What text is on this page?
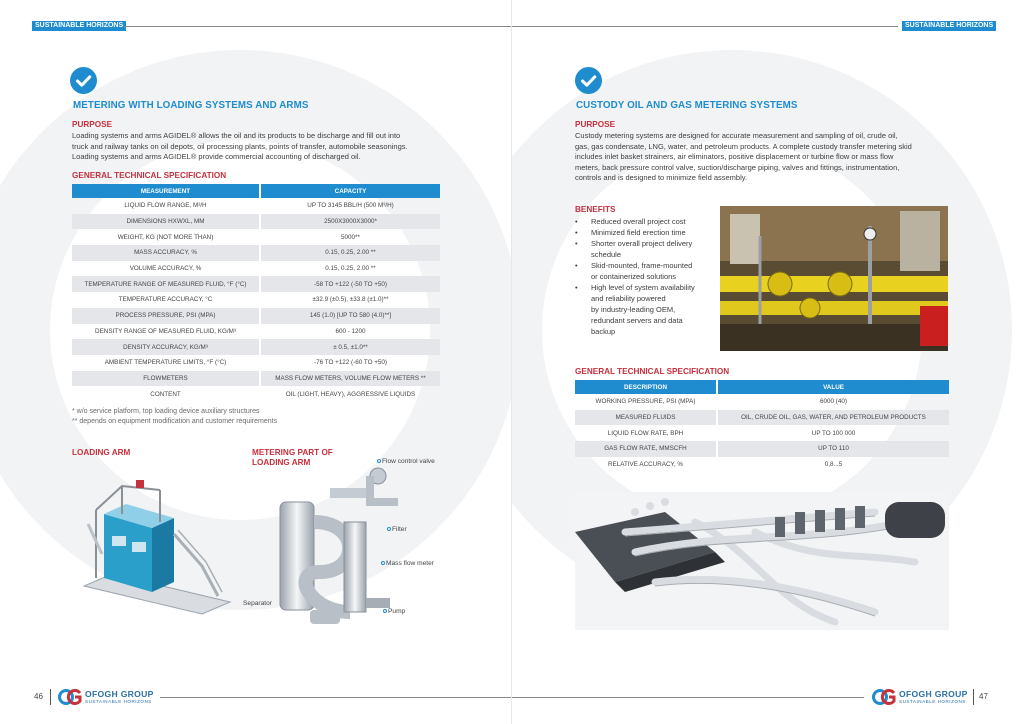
SUSTAINABLE HORIZONS
METERING WITH LOADING SYSTEMS AND ARMS
PURPOSE
Loading systems and arms AGIDEL® allows the oil and its products to be discharge and fill out into
truck and railway tanks on oil depots, oil processing plants, points of transfer, automobile seasonings.
Loading systems and arms AGIDEL® provide commercial accounting of discharged oil.
GENERAL TECHNICAL SPECIFICATION
MEASUREMENT	CAPACITY
LIQUID FLOW RANGE, M³/H	UP TO 3145 BBL/H (500 M³/H)
DIMENSIONS HXWXL, MM	2500X3000X3000*
WEIGHT, KG (NOT MORE THAN)	5000**
MASS ACCURACY, %	0.15, 0.25, 2.00 **
VOLUME ACCURACY, %	0.15, 0.25, 2.00 **
TEMPERATURE RANGE OF MEASURED FLUID, °F (°C)	-58 TO +122 (-50 TO +50)
TEMPERATURE ACCURACY, °C	±32.9 (±0.5), ±33.8 (±1.0)**
PROCESS PRESSURE, PSI (MPA)	145 (1.0) [UP TO 580 (4.0)**]
DENSITY RANGE OF MEASURED FLUID, KG/M³	600 - 1200
DENSITY ACCURACY, KG/M³	± 0.5, ±1.0**
AMBIENT TEMPERATURE LIMITS, °F (°C)	-76 TO +122 (-60 TO +50)
FLOWMETERS	MASS FLOW METERS, VOLUME FLOW METERS **
CONTENT	OIL (LIGHT, HEAVY), AGGRESSIVE LIQUIDS
* w/o service platform, top loading device auxiliary structures
** depends on equipment modification and customer requirements
LOADING ARM	METERING PART OF
LOADING ARM	Flow control valve
Filter
Mass flow meter
Separator
Pump
46	OFOGH GROUP
SUSTAINABLE HORIZONS
SUSTAINABLE HORIZONS
CUSTODY OIL AND GAS METERING SYSTEMS
PURPOSE
Custody metering systems are designed for accurate measurement and sampling of oil, crude oil,
gas, gas condensate, LNG, water, and petroleum products. A complete custody transfer metering skid
includes inlet basket strainers, air eliminators, positive displacement or turbine flow or mass flow
meters, back pressure control valve, suction/discharge piping, valves and fittings, instrumentation,
controls and is designed to minimize field assembly.
BENEFITS
• Reduced overall project cost
• Minimized field erection time
• Shorter overall project delivery
schedule
• Skid-mounted, frame-mounted
or containerized solutions
• High level of system availability
and reliability powered
by industry-leading OEM,
redundant servers and data
backup
GENERAL TECHNICAL SPECIFICATION
DESCRIPTION	VALUE
WORKING PRESSURE, PSI (MPA)	6000 (40)
MEASURED FLUIDS	OIL, CRUDE OIL, GAS, WATER, AND PETROLEUM PRODUCTS
LIQUID FLOW RATE, BPH	UP TO 100 000
GAS FLOW RATE, MMSCFH	UP TO 110
RELATIVE ACCURACY, %	0,8...5
OFOGH GROUP
SUSTAINABLE HORIZONS
47
